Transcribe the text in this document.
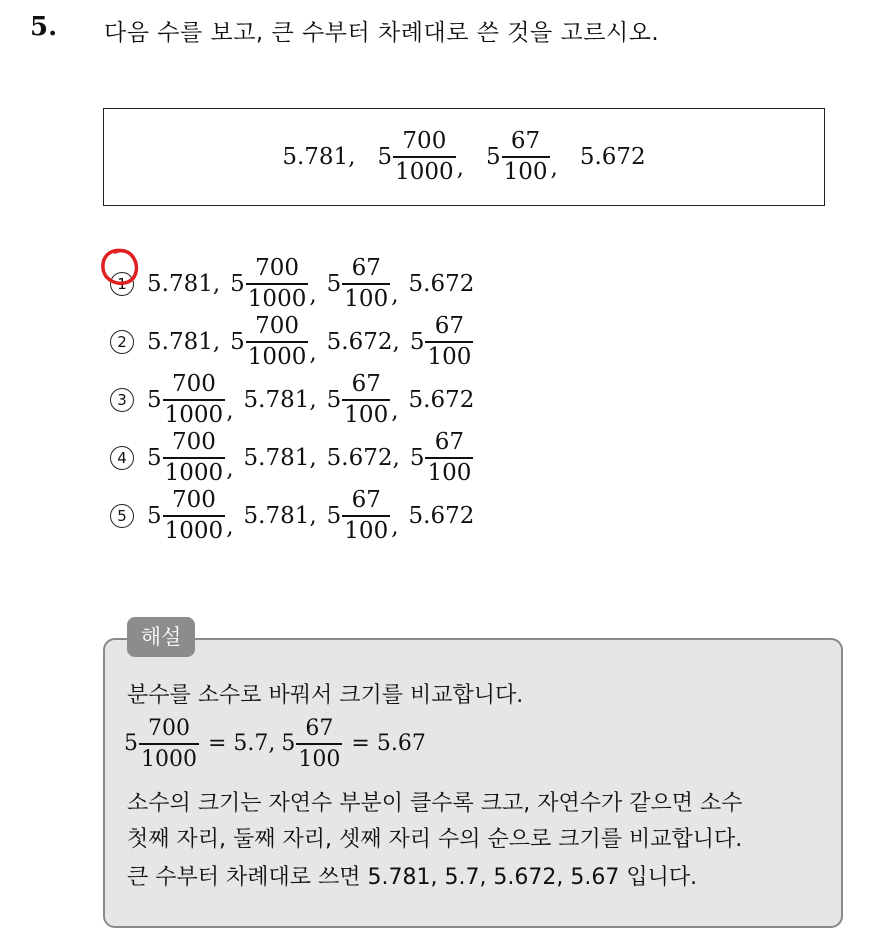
5. 다음 수를 보고, 큰 수부터 차례대로 쓴 것을 고르시오.
5.781, $5 \frac{700}{1000}$ , $5 \frac{67}{100}$ , 5.672
1 5.781, $5 \frac{700}{1000}$ , $5 \frac{67}{100}$ , 5.672
2 5.781, $5 \frac{700}{1000}$ , 5.672, $5 \frac{67}{100}$
3 $5 \frac{700}{1000}$ , 5.781, $5 \frac{67}{100}$ , 5.672
4 $5 \frac{700}{1000}$ , 5.781, 5.672, $5 \frac{67}{100}$
5 $5 \frac{700}{1000}$ , 5.781, $5 \frac{67}{100}$ , 5.672
해설
분수를 소수로 바꿔서 크기를 비교합니다.
$5 \frac{700}{1000} = 5.7$, $5 \frac{67}{100} = 5.67$
소수의 크기는 자연수 부분이 클수록 크고, 자연수가 같으면 소수
첫째 자리, 둘째 자리, 셋째 자리 수의 순으로 크기를 비교합니다.
큰 수부터 차례대로 쓰면 5.781, 5.7, 5.672, 5.67 입니다.
